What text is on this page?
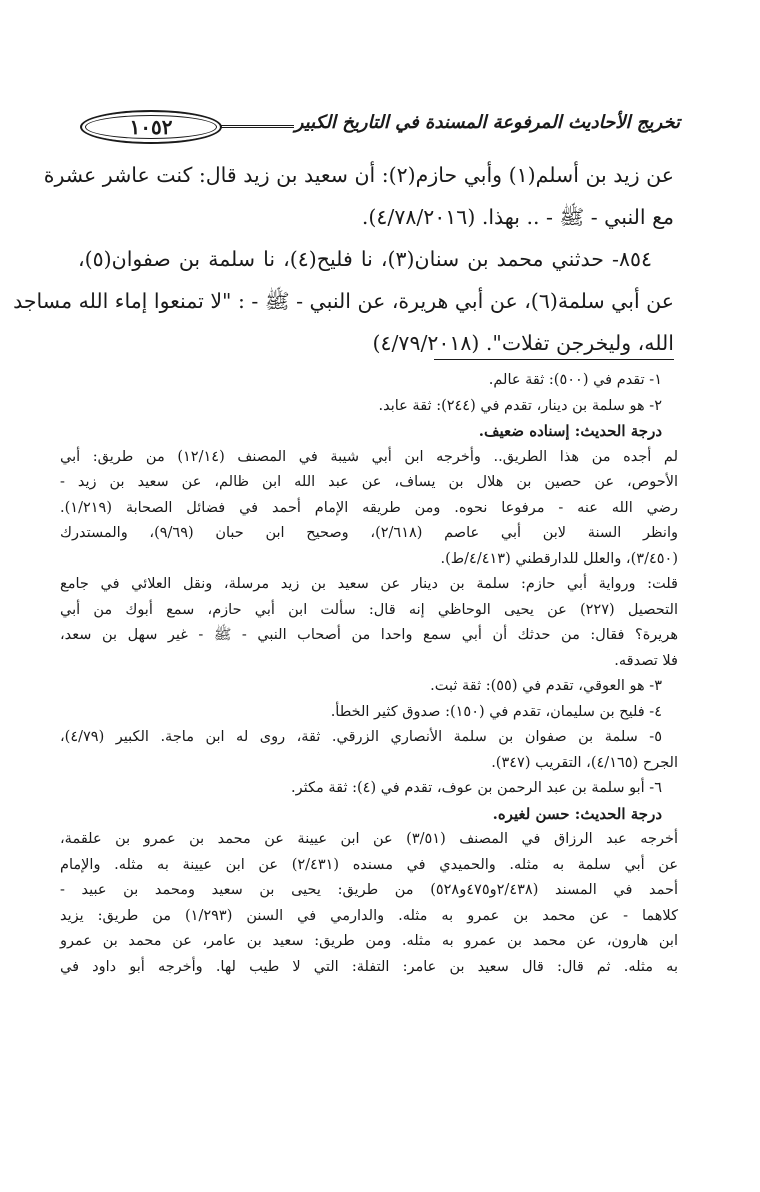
تخريج الأحاديث المرفوعة المسندة في التاريخ الكبير
١٠٥٢
عن زيد بن أسلم(١) وأبي حازم(٢): أن سعيد بن زيد قال: كنت عاشر عشرة
مع النبي - ﷺ - .. بهذا. (٤/٧٨/٢٠١٦).
٨٥٤- حدثني محمد بن سنان(٣)، نا فليح(٤)، نا سلمة بن صفوان(٥)،
عن أبي سلمة(٦)، عن أبي هريرة، عن النبي - ﷺ - : "لا تمنعوا إماء الله مساجد
الله، وليخرجن تفلات". (٤/٧٩/٢٠١٨)
١- تقدم في (٥٠٠): ثقة عالم.
٢- هو سلمة بن دينار، تقدم في (٢٤٤): ثقة عابد.
درجة الحديث: إسناده ضعيف.
لم أجده من هذا الطريق.. وأخرجه ابن أبي شيبة في المصنف (١٢/١٤) من طريق: أبي
الأحوص، عن حصين بن هلال بن يساف، عن عبد الله ابن ظالم، عن سعيد بن زيد -
رضي الله عنه - مرفوعا نحوه. ومن طريقه الإمام أحمد في فضائل الصحابة (١/٢١٩).
وانظر السنة لابن أبي عاصم (٢/٦١٨)، وصحيح ابن حبان (٩/٦٩)، والمستدرك
(٣/٤٥٠)، والعلل للدارقطني (٤/٤١٣/ط).
قلت: ورواية أبي حازم: سلمة بن دينار عن سعيد بن زيد مرسلة، ونقل العلائي في جامع
التحصيل (٢٢٧) عن يحيى الوحاظي إنه قال: سألت ابن أبي حازم، سمع أبوك من أبي
هريرة؟ فقال: من حدثك أن أبي سمع واحدا من أصحاب النبي - ﷺ - غير سهل بن سعد،
فلا تصدقه.
٣- هو العوقي، تقدم في (٥٥): ثقة ثبت.
٤- فليح بن سليمان، تقدم في (١٥٠): صدوق كثير الخطأ.
٥- سلمة بن صفوان بن سلمة الأنصاري الزرقي. ثقة، روى له ابن ماجة. الكبير (٤/٧٩)،
الجرح (٤/١٦٥)، التقريب (٣٤٧).
٦- أبو سلمة بن عبد الرحمن بن عوف، تقدم في (٤): ثقة مكثر.
درجة الحديث: حسن لغيره.
أخرجه عبد الرزاق في المصنف (٣/٥١) عن ابن عيينة عن محمد بن عمرو بن علقمة،
عن أبي سلمة به مثله. والحميدي في مسنده (٢/٤٣١) عن ابن عيينة به مثله. والإمام
أحمد في المسند (٢/٤٣٨و٤٧٥و٥٢٨) من طريق: يحيى بن سعيد ومحمد بن عبيد -
كلاهما - عن محمد بن عمرو به مثله. والدارمي في السنن (١/٢٩٣) من طريق: يزيد
ابن هارون، عن محمد بن عمرو به مثله. ومن طريق: سعيد بن عامر، عن محمد بن عمرو
به مثله. ثم قال: قال سعيد بن عامر: التفلة: التي لا طيب لها. وأخرجه أبو داود في
